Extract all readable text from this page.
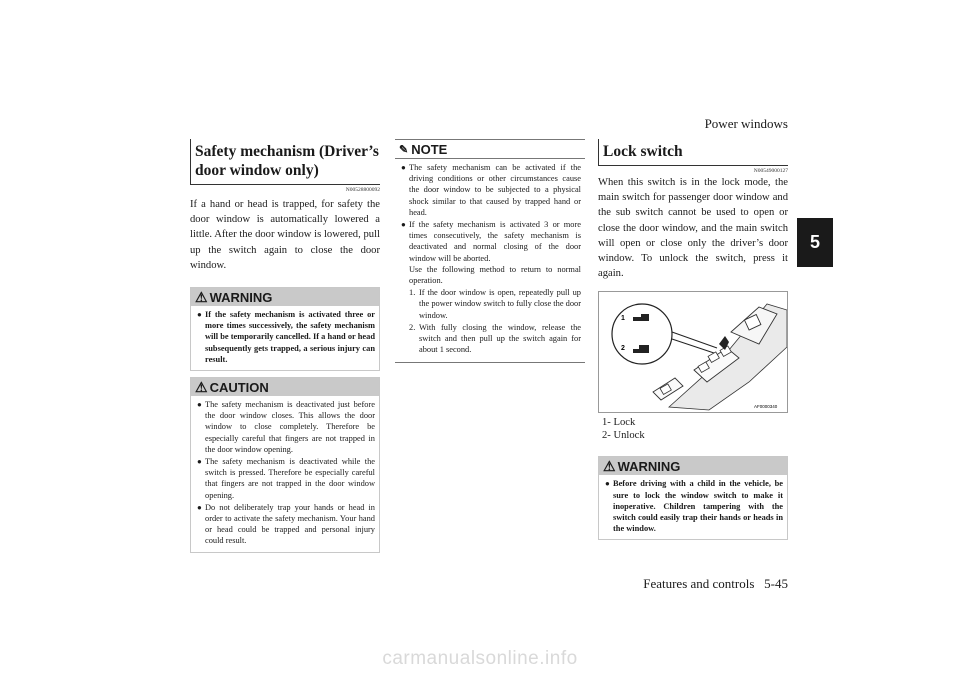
Power windows
Features and controls   5-45
5
Safety mechanism (Driver’s door window only)
N00528800092
If a hand or head is trapped, for safety the door window is automatically lowered a little. After the door window is lowered, pull up the switch again to close the door window.
⚠ WARNING
● If the safety mechanism is activated three or more times successively, the safety mechanism will be temporarily cancelled. If a hand or head subsequently gets trapped, a serious injury can result.
⚠ CAUTION
● The safety mechanism is deactivated just before the door window closes. This allows the door window to close completely. Therefore be especially careful that fingers are not trapped in the door window opening.
● The safety mechanism is deactivated while the switch is pressed. Therefore be especially careful that fingers are not trapped in the door window opening.
● Do not deliberately trap your hands or head in order to activate the safety mechanism. Your hand or head could be trapped and personal injury could result.
✎ NOTE
● The safety mechanism can be activated if the driving conditions or other circumstances cause the door window to be subjected to a physical shock similar to that caused by trapped hand or head.
● If the safety mechanism is activated 3 or more times consecutively, the safety mechanism is deactivated and normal closing of the door window will be aborted.
Use the following method to return to normal operation.
1. If the door window is open, repeatedly pull up the power window switch to fully close the door window.
2. With fully closing the window, release the switch and then pull up the switch again for about 1 second.
Lock switch
N00549000127
When this switch is in the lock mode, the main switch for passenger door window and the sub switch cannot be used to open or close the door window, and the main switch will open or close only the driver’s door window. To unlock the switch, press it again.
1
2
AF0000340
1- Lock
2- Unlock
⚠ WARNING
● Before driving with a child in the vehicle, be sure to lock the window switch to make it inoperative. Children tampering with the switch could easily trap their hands or heads in the window.
carmanualsonline.info
